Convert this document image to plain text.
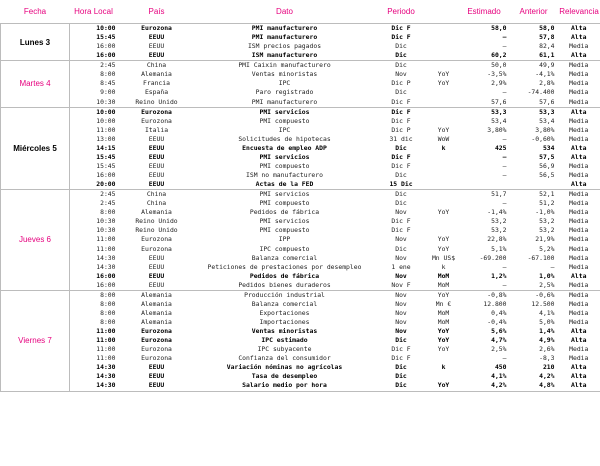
Fecha	Hora Local	País	Dato	Periodo		Estimado	Anterior	Relevancia
Lunes 3	10:00	Eurozona	PMI manufacturero	Dic F		58,0	58,0	Alta
	15:45	EEUU	PMI manufacturero	Dic F		–	57,8	Alta
	16:00	EEUU	ISM precios pagados	Dic		–	82,4	Media
	16:00	EEUU	ISM manufacturero	Dic		60,2	61,1	Alta
Martes 4	2:45	China	PMI Caixin manufacturero	Dic		50,0	49,9	Media
	8:00	Alemania	Ventas minoristas	Nov	YoY	-3,5%	-4,1%	Media
	8:45	Francia	IPC	Dic P	YoY	2,9%	2,8%	Media
	9:00	España	Paro registrado	Dic		–	-74.400	Media
	10:30	Reino Unido	PMI manufacturero	Dic F		57,6	57,6	Media
Miércoles 5	10:00	Eurozona	PMI servicios	Dic F		53,3	53,3	Alta
	10:00	Eurozona	PMI compuesto	Dic F		53,4	53,4	Media
	11:00	Italia	IPC	Dic P	YoY	3,80%	3,80%	Media
	13:00	EEUU	Solicitudes de hipotecas	31 dic	WoW	–	-0,60%	Media
	14:15	EEUU	Encuesta de empleo ADP	Dic	k	425	534	Alta
	15:45	EEUU	PMI servicios	Dic F		–	57,5	Alta
	15:45	EEUU	PMI compuesto	Dic F		–	56,9	Media
	16:00	EEUU	ISM no manufacturero	Dic		–	56,5	Media
	20:00	EEUU	Actas de la FED	15 Dic				Alta
Jueves 6	2:45	China	PMI servicios	Dic		51,7	52,1	Media
	2:45	China	PMI compuesto	Dic		–	51,2	Media
	8:00	Alemania	Pedidos de fábrica	Nov	YoY	-1,4%	-1,0%	Media
	10:30	Reino Unido	PMI servicios	Dic F		53,2	53,2	Media
	10:30	Reino Unido	PMI compuesto	Dic F		53,2	53,2	Media
	11:00	Eurozona	IPP	Nov	YoY	22,8%	21,9%	Media
	11:00	Eurozona	IPC compuesto	Dic	YoY	5,1%	5,2%	Media
	14:30	EEUU	Balanza comercial	Nov	Mn US$	-69.200	-67.100	Media
	14:30	EEUU	Peticiones de prestaciones por desempleo	1 ene	k	–	–	Media
	16:00	EEUU	Pedidos de fábrica	Nov	MoM	1,2%	1,0%	Alta
	16:00	EEUU	Pedidos bienes duraderos	Nov F	MoM	–	2,5%	Media
Viernes 7	8:00	Alemania	Producción industrial	Nov	YoY	-0,8%	-0,6%	Media
	8:00	Alemania	Balanza comercial	Nov	Mn €	12.800	12.500	Media
	8:00	Alemania	Exportaciones	Nov	MoM	0,4%	4,1%	Media
	8:00	Alemania	Importaciones	Nov	MoM	-0,4%	5,0%	Media
	11:00	Eurozona	Ventas minoristas	Nov	YoY	5,6%	1,4%	Alta
	11:00	Eurozona	IPC estimado	Dic	YoY	4,7%	4,9%	Alta
	11:00	Eurozona	IPC subyacente	Dic F	YoY	2,5%	2,6%	Media
	11:00	Eurozona	Confianza del consumidor	Dic F		–	-8,3	Media
	14:30	EEUU	Variación nóminas no agrícolas	Dic	k	450	210	Alta
	14:30	EEUU	Tasa de desempleo	Dic		4,1%	4,2%	Alta
	14:30	EEUU	Salario medio por hora	Dic	YoY	4,2%	4,8%	Alta
